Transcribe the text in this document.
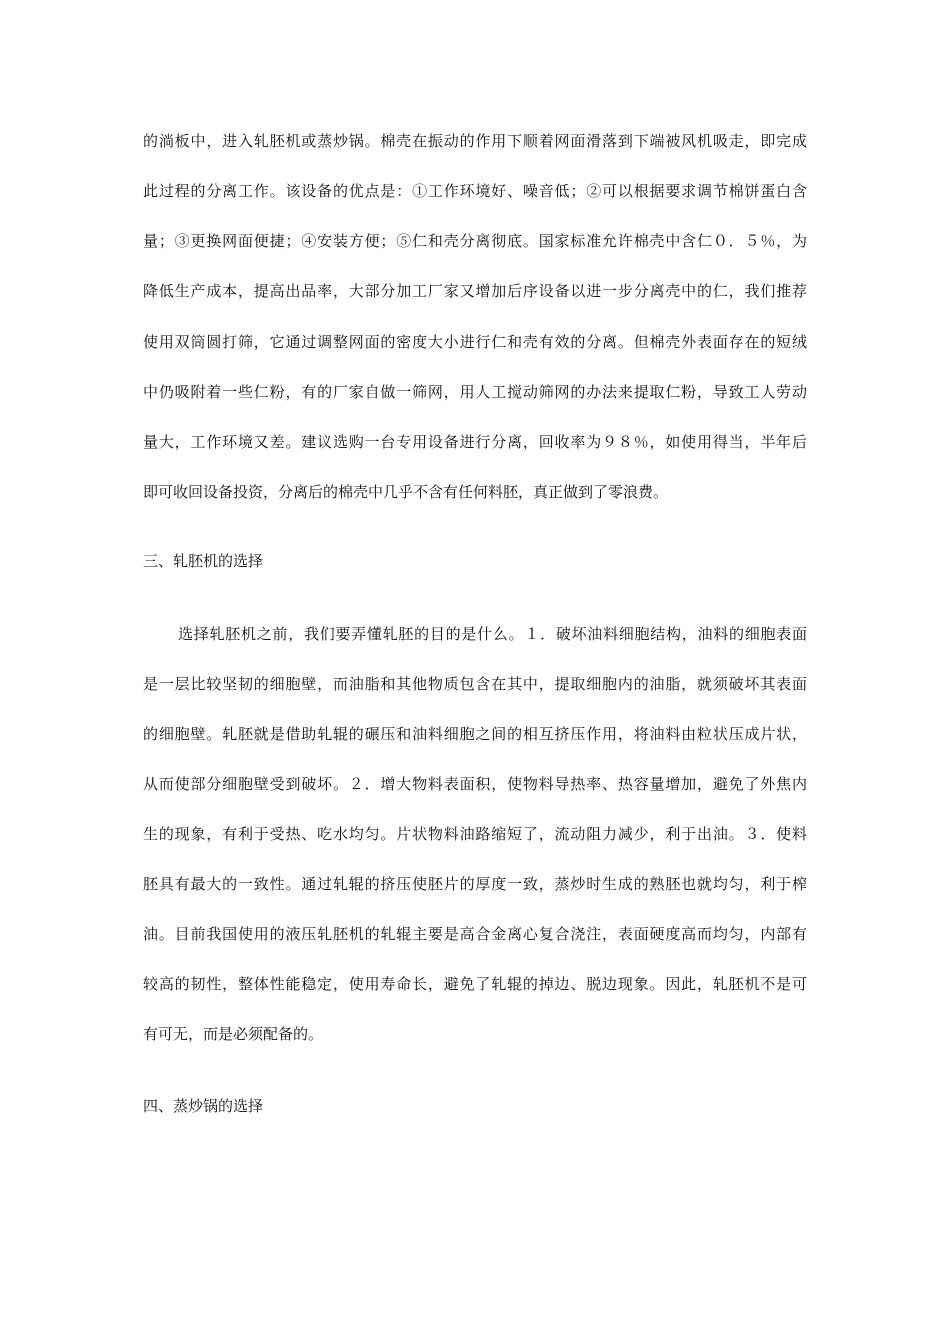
的淌板中，进入轧胚机或蒸炒锅。棉壳在振动的作用下顺着网面滑落到下端被风机吸走，即完成
此过程的分离工作。该设备的优点是：①工作环境好、噪音低；②可以根据要求调节棉饼蛋白含
量；③更换网面便捷；④安装方便；⑤仁和壳分离彻底。国家标准允许棉壳中含仁０．５％，为
降低生产成本，提高出品率，大部分加工厂家又增加后序设备以进一步分离壳中的仁，我们推荐
使用双筒圆打筛，它通过调整网面的密度大小进行仁和壳有效的分离。但棉壳外表面存在的短绒
中仍吸附着一些仁粉，有的厂家自做一筛网，用人工搅动筛网的办法来提取仁粉，导致工人劳动
量大，工作环境又差。建议选购一台专用设备进行分离，回收率为９８％，如使用得当，半年后
即可收回设备投资，分离后的棉壳中几乎不含有任何料胚，真正做到了零浪费。
三、轧胚机的选择
选择轧胚机之前，我们要弄懂轧胚的目的是什么。１．破坏油料细胞结构，油料的细胞表面
是一层比较坚韧的细胞壁，而油脂和其他物质包含在其中，提取细胞内的油脂，就须破坏其表面
的细胞壁。轧胚就是借助轧辊的碾压和油料细胞之间的相互挤压作用，将油料由粒状压成片状，
从而使部分细胞壁受到破坏。２．增大物料表面积，使物料导热率、热容量增加，避免了外焦内
生的现象，有利于受热、吃水均匀。片状物料油路缩短了，流动阻力减少，利于出油。３．使料
胚具有最大的一致性。通过轧辊的挤压使胚片的厚度一致，蒸炒时生成的熟胚也就均匀，利于榨
油。目前我国使用的液压轧胚机的轧辊主要是高合金离心复合浇注，表面硬度高而均匀，内部有
较高的韧性，整体性能稳定，使用寿命长，避免了轧辊的掉边、脱边现象。因此，轧胚机不是可
有可无，而是必须配备的。
四、蒸炒锅的选择
